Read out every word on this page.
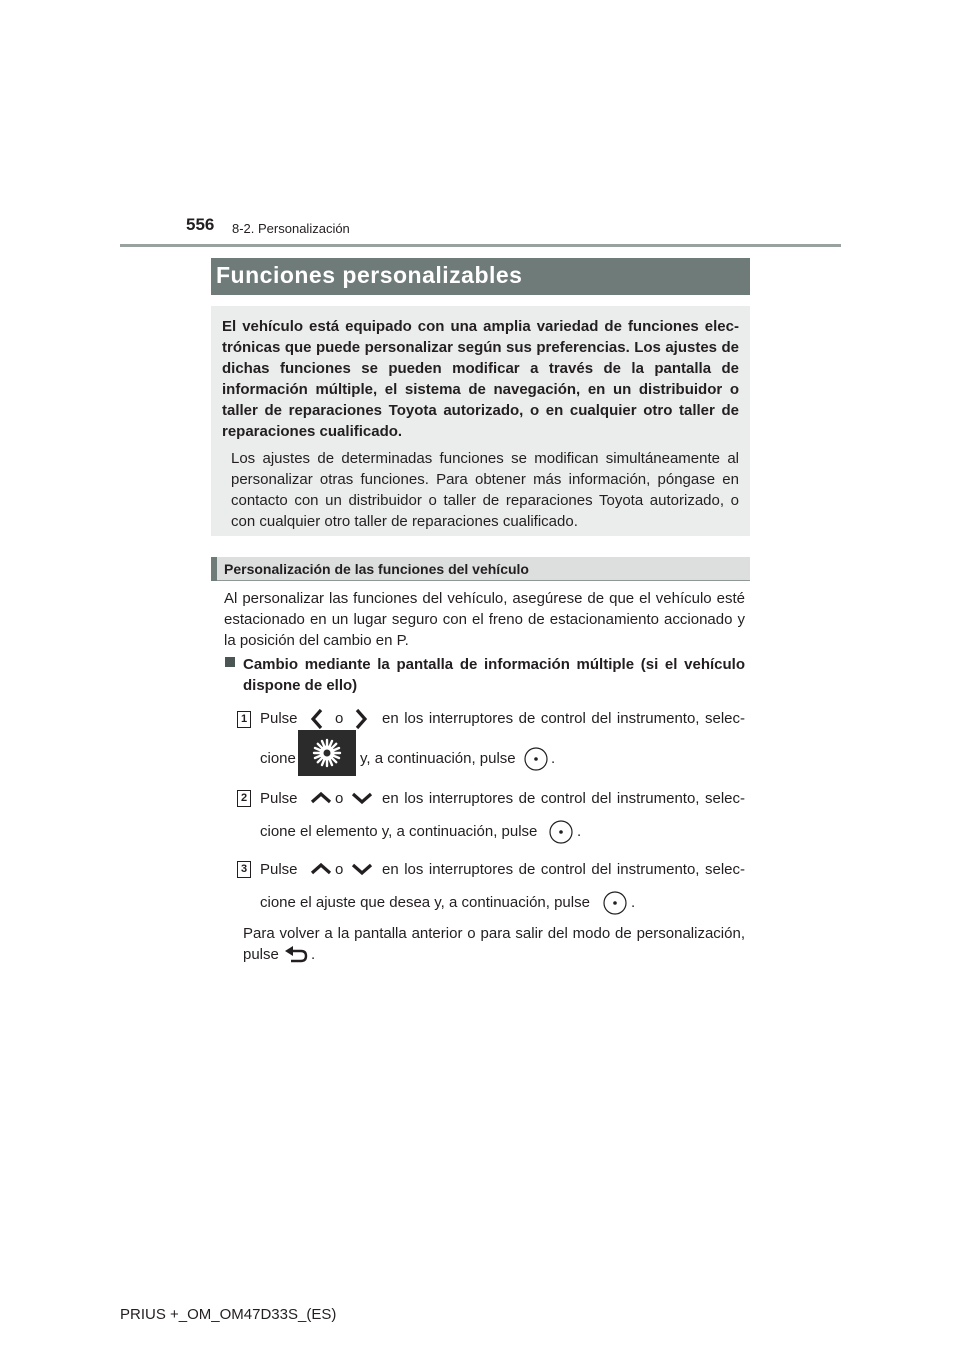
556 8-2. Personalización
Funciones personalizables
El vehículo está equipado con una amplia variedad de funciones elec-trónicas que puede personalizar según sus preferencias. Los ajustes de dichas funciones se pueden modificar a través de la pantalla de información múltiple, el sistema de navegación, en un distribuidor o taller de reparaciones Toyota autorizado, o en cualquier otro taller de reparaciones cualificado.
Los ajustes de determinadas funciones se modifican simultáneamente al personalizar otras funciones. Para obtener más información, póngase en contacto con un distribuidor o taller de reparaciones Toyota autorizado, o con cualquier otro taller de reparaciones cualificado.
Personalización de las funciones del vehículo
Al personalizar las funciones del vehículo, asegúrese de que el vehículo esté estacionado en un lugar seguro con el freno de estacionamiento accionado y la posición del cambio en P.
Cambio mediante la pantalla de información múltiple (si el vehículo dispone de ello)
1 Pulse o	en los interruptores de control del instrumento, selec-
cione	y, a continuación, pulse .
2 Pulse o	en los interruptores de control del instrumento, selec-
cione el elemento y, a continuación, pulse	.
3 Pulse o	en los interruptores de control del instrumento, selec-
cione el ajuste que desea y, a continuación, pulse	.
Para volver a la pantalla anterior o para salir del modo de personalización,
pulse .
PRIUS +_OM_OM47D33S_(ES)
